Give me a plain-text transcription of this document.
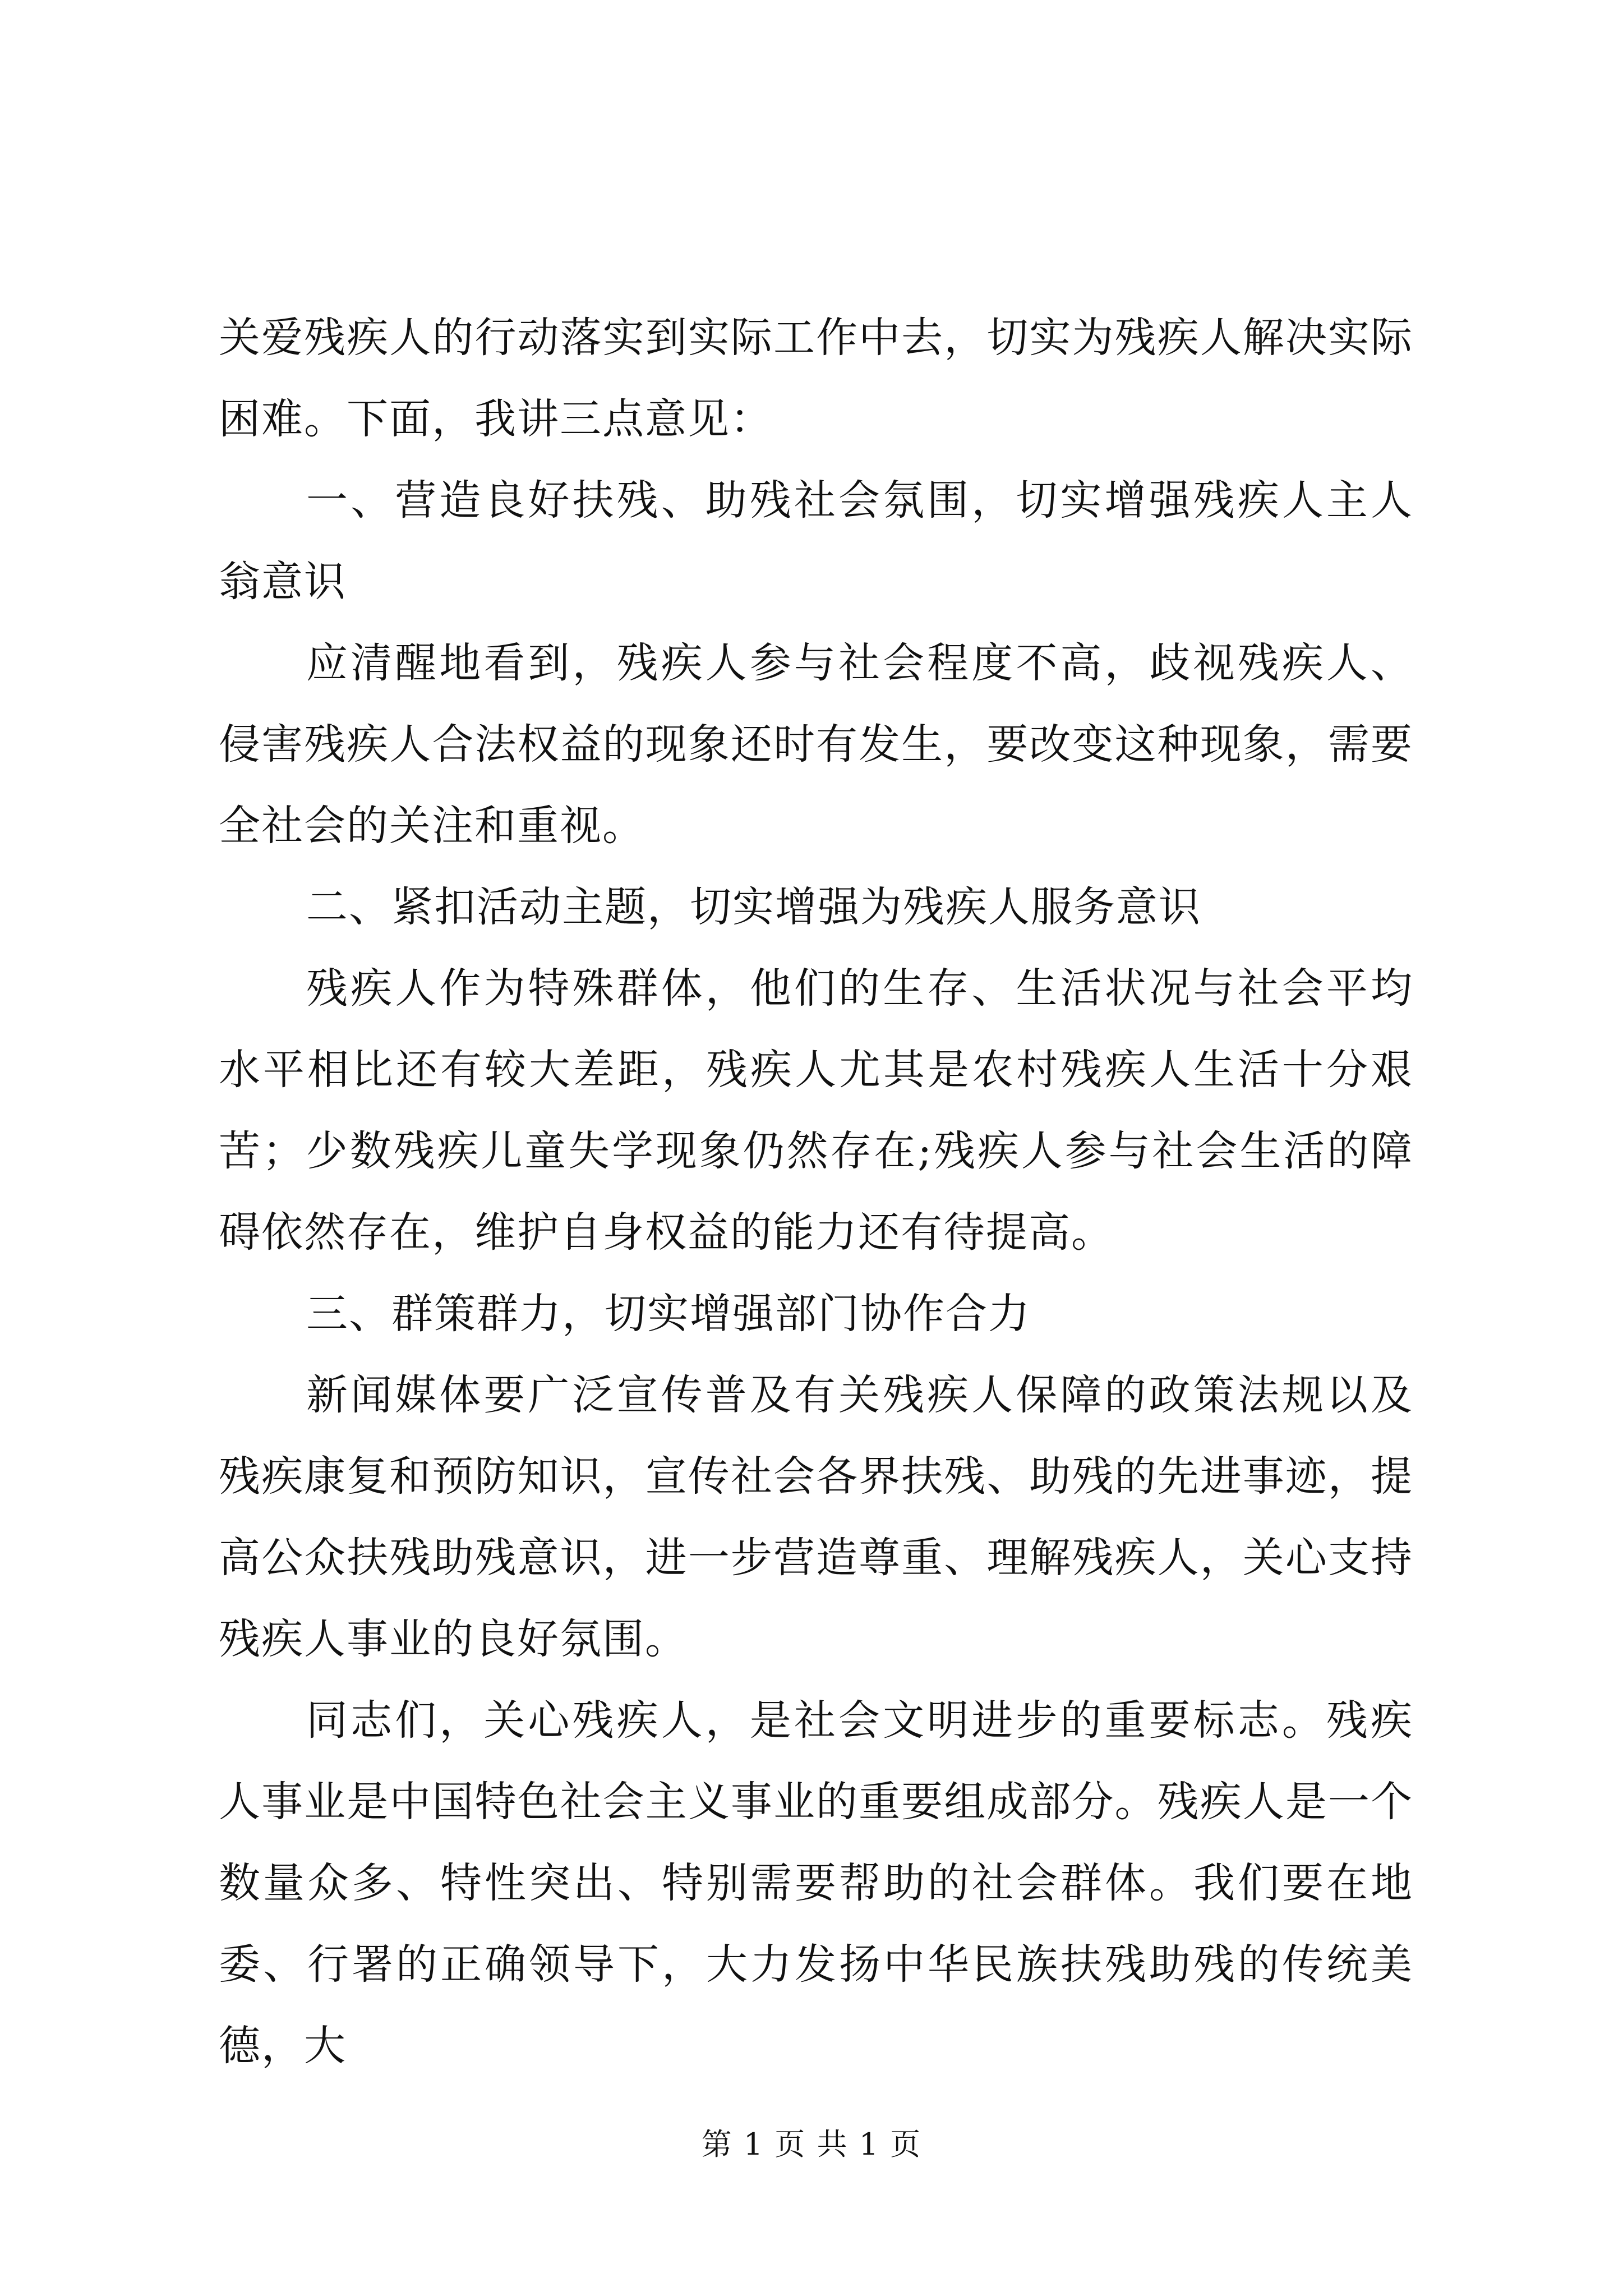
关爱残疾人的行动落实到实际工作中去，切实为残疾人解决实际困难。下面，我讲三点意见：

一、营造良好扶残、助残社会氛围，切实增强残疾人主人翁意识

应清醒地看到，残疾人参与社会程度不高，歧视残疾人、侵害残疾人合法权益的现象还时有发生，要改变这种现象，需要全社会的关注和重视。

二、紧扣活动主题，切实增强为残疾人服务意识

残疾人作为特殊群体，他们的生存、生活状况与社会平均水平相比还有较大差距，残疾人尤其是农村残疾人生活十分艰苦；少数残疾儿童失学现象仍然存在;残疾人参与社会生活的障碍依然存在，维护自身权益的能力还有待提高。

三、群策群力，切实增强部门协作合力

新闻媒体要广泛宣传普及有关残疾人保障的政策法规以及残疾康复和预防知识，宣传社会各界扶残、助残的先进事迹，提高公众扶残助残意识，进一步营造尊重、理解残疾人，关心支持残疾人事业的良好氛围。

同志们，关心残疾人，是社会文明进步的重要标志。残疾人事业是中国特色社会主义事业的重要组成部分。残疾人是一个数量众多、特性突出、特别需要帮助的社会群体。我们要在地委、行署的正确领导下，大力发扬中华民族扶残助残的传统美德，大

第 1 页 共 1 页
